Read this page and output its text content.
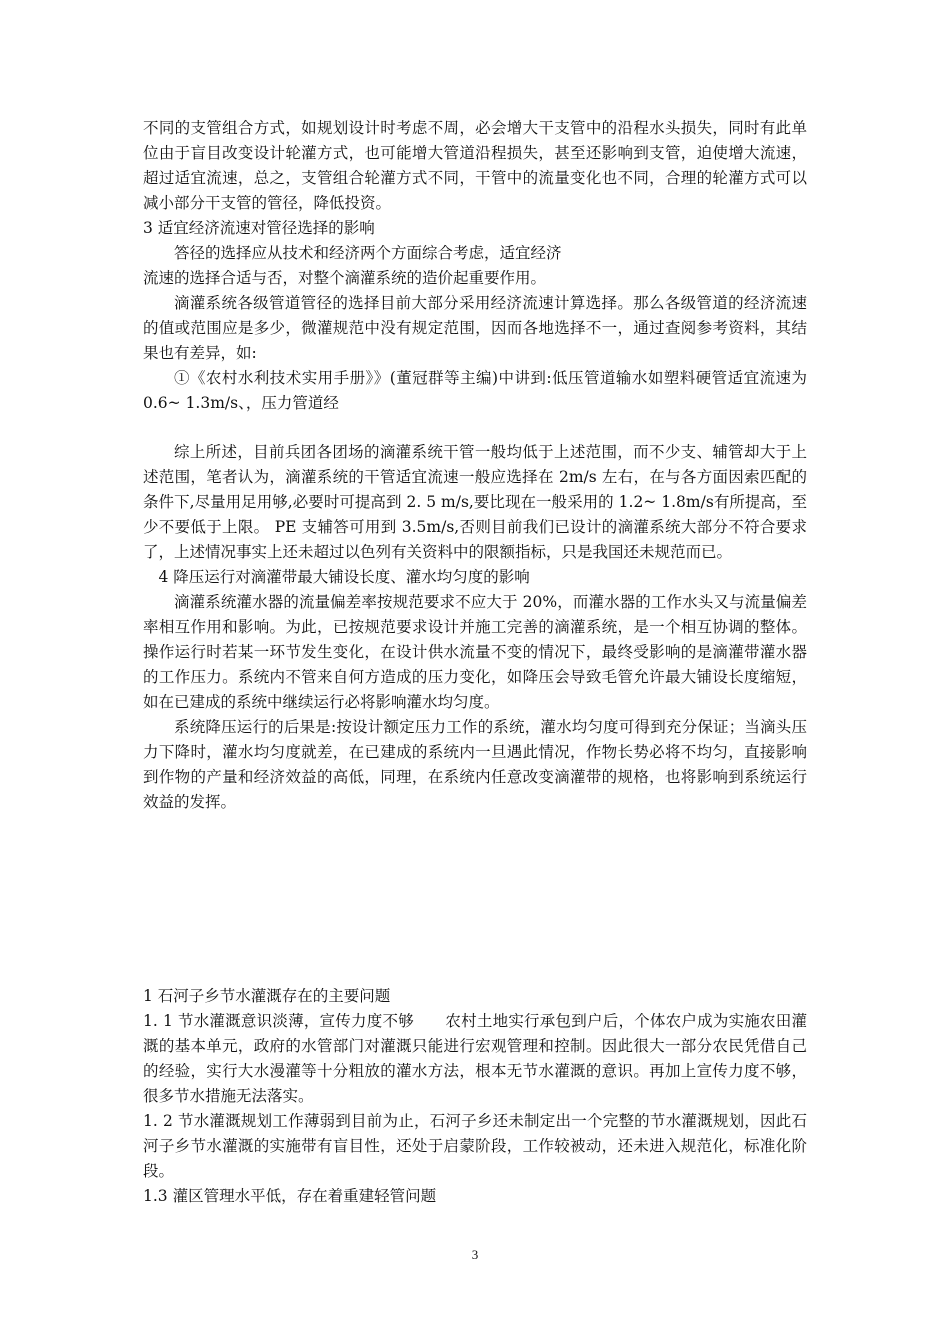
不同的支管组合方式，如规划设计时考虑不周，必会增大干支管中的沿程水头损失，同时有此单位由于盲目改变设计轮灌方式，也可能增大管道沿程损失，甚至还影响到支管，迫使增大流速，超过适宜流速，总之，支管组合轮灌方式不同，干管中的流量变化也不同，合理的轮灌方式可以减小部分干支管的管径，降低投资。

3 适宜经济流速对管径选择的影响

答径的选择应从技术和经济两个方面综合考虑，适宜经济

流速的选择合适与否，对整个滴灌系统的造价起重要作用。

滴灌系统各级管道管径的选择目前大部分采用经济流速计算选择。那么各级管道的经济流速的值或范围应是多少，微灌规范中没有规定范围，因而各地选择不一，通过查阅参考资料，其结果也有差异，如:

①《农村水利技术实用手册》》(董冠群等主编)中讲到:低压管道输水如塑料硬管适宜流速为 0.6~ 1.3m/s、，压力管道经

综上所述，目前兵团各团场的滴灌系统干管一般均低于上述范围，而不少支、辅管却大于上述范围，笔者认为，滴灌系统的干管适宜流速一般应选择在 2m/s 左右，在与各方面因索匹配的条件下,尽量用足用够,必要时可提高到 2. 5 m/s,要比现在一般采用的 1.2~ 1.8m/s有所提高，至少不要低于上限。 PE 支辅答可用到 3.5m/s,否则目前我们已设计的滴灌系统大部分不符合要求了，上述情况事实上还未超过以色列有关资料中的限额指标，只是我国还未规范而已。

4 降压运行对滴灌带最大铺设长度、灌水均匀度的影响

滴灌系统灌水器的流量偏差率按规范要求不应大于 20%，而灌水器的工作水头又与流量偏差率相互作用和影响。为此，已按规范要求设计并施工完善的滴灌系统，是一个相互协调的整体。操作运行时若某一环节发生变化，在设计供水流量不变的情况下，最终受影响的是滴灌带灌水器的工作压力。系统内不管来自何方造成的压力变化，如降压会导致毛管允许最大铺设长度缩短，如在已建成的系统中继续运行必将影响灌水均匀度。

系统降压运行的后果是:按设计额定压力工作的系统，灌水均匀度可得到充分保证；当滴头压力下降时，灌水均匀度就差，在已建成的系统内一旦遇此情况，作物长势必将不均匀，直接影响到作物的产量和经济效益的高低，同理，在系统内任意改变滴灌带的规格，也将影响到系统运行效益的发挥。

1 石河子乡节水灌溉存在的主要问题

1. 1 节水灌溉意识淡薄，宣传力度不够　　农村土地实行承包到户后，个体农户成为实施农田灌溉的基本单元，政府的水管部门对灌溉只能进行宏观管理和控制。因此很大一部分农民凭借自己的经验，实行大水漫灌等十分粗放的灌水方法，根本无节水灌溉的意识。再加上宣传力度不够，很多节水措施无法落实。

1. 2 节水灌溉规划工作薄弱到目前为止，石河子乡还未制定出一个完整的节水灌溉规划，因此石河子乡节水灌溉的实施带有盲目性，还处于启蒙阶段，工作较被动，还未进入规范化，标准化阶段。

1.3 灌区管理水平低，存在着重建轻管问题

3
